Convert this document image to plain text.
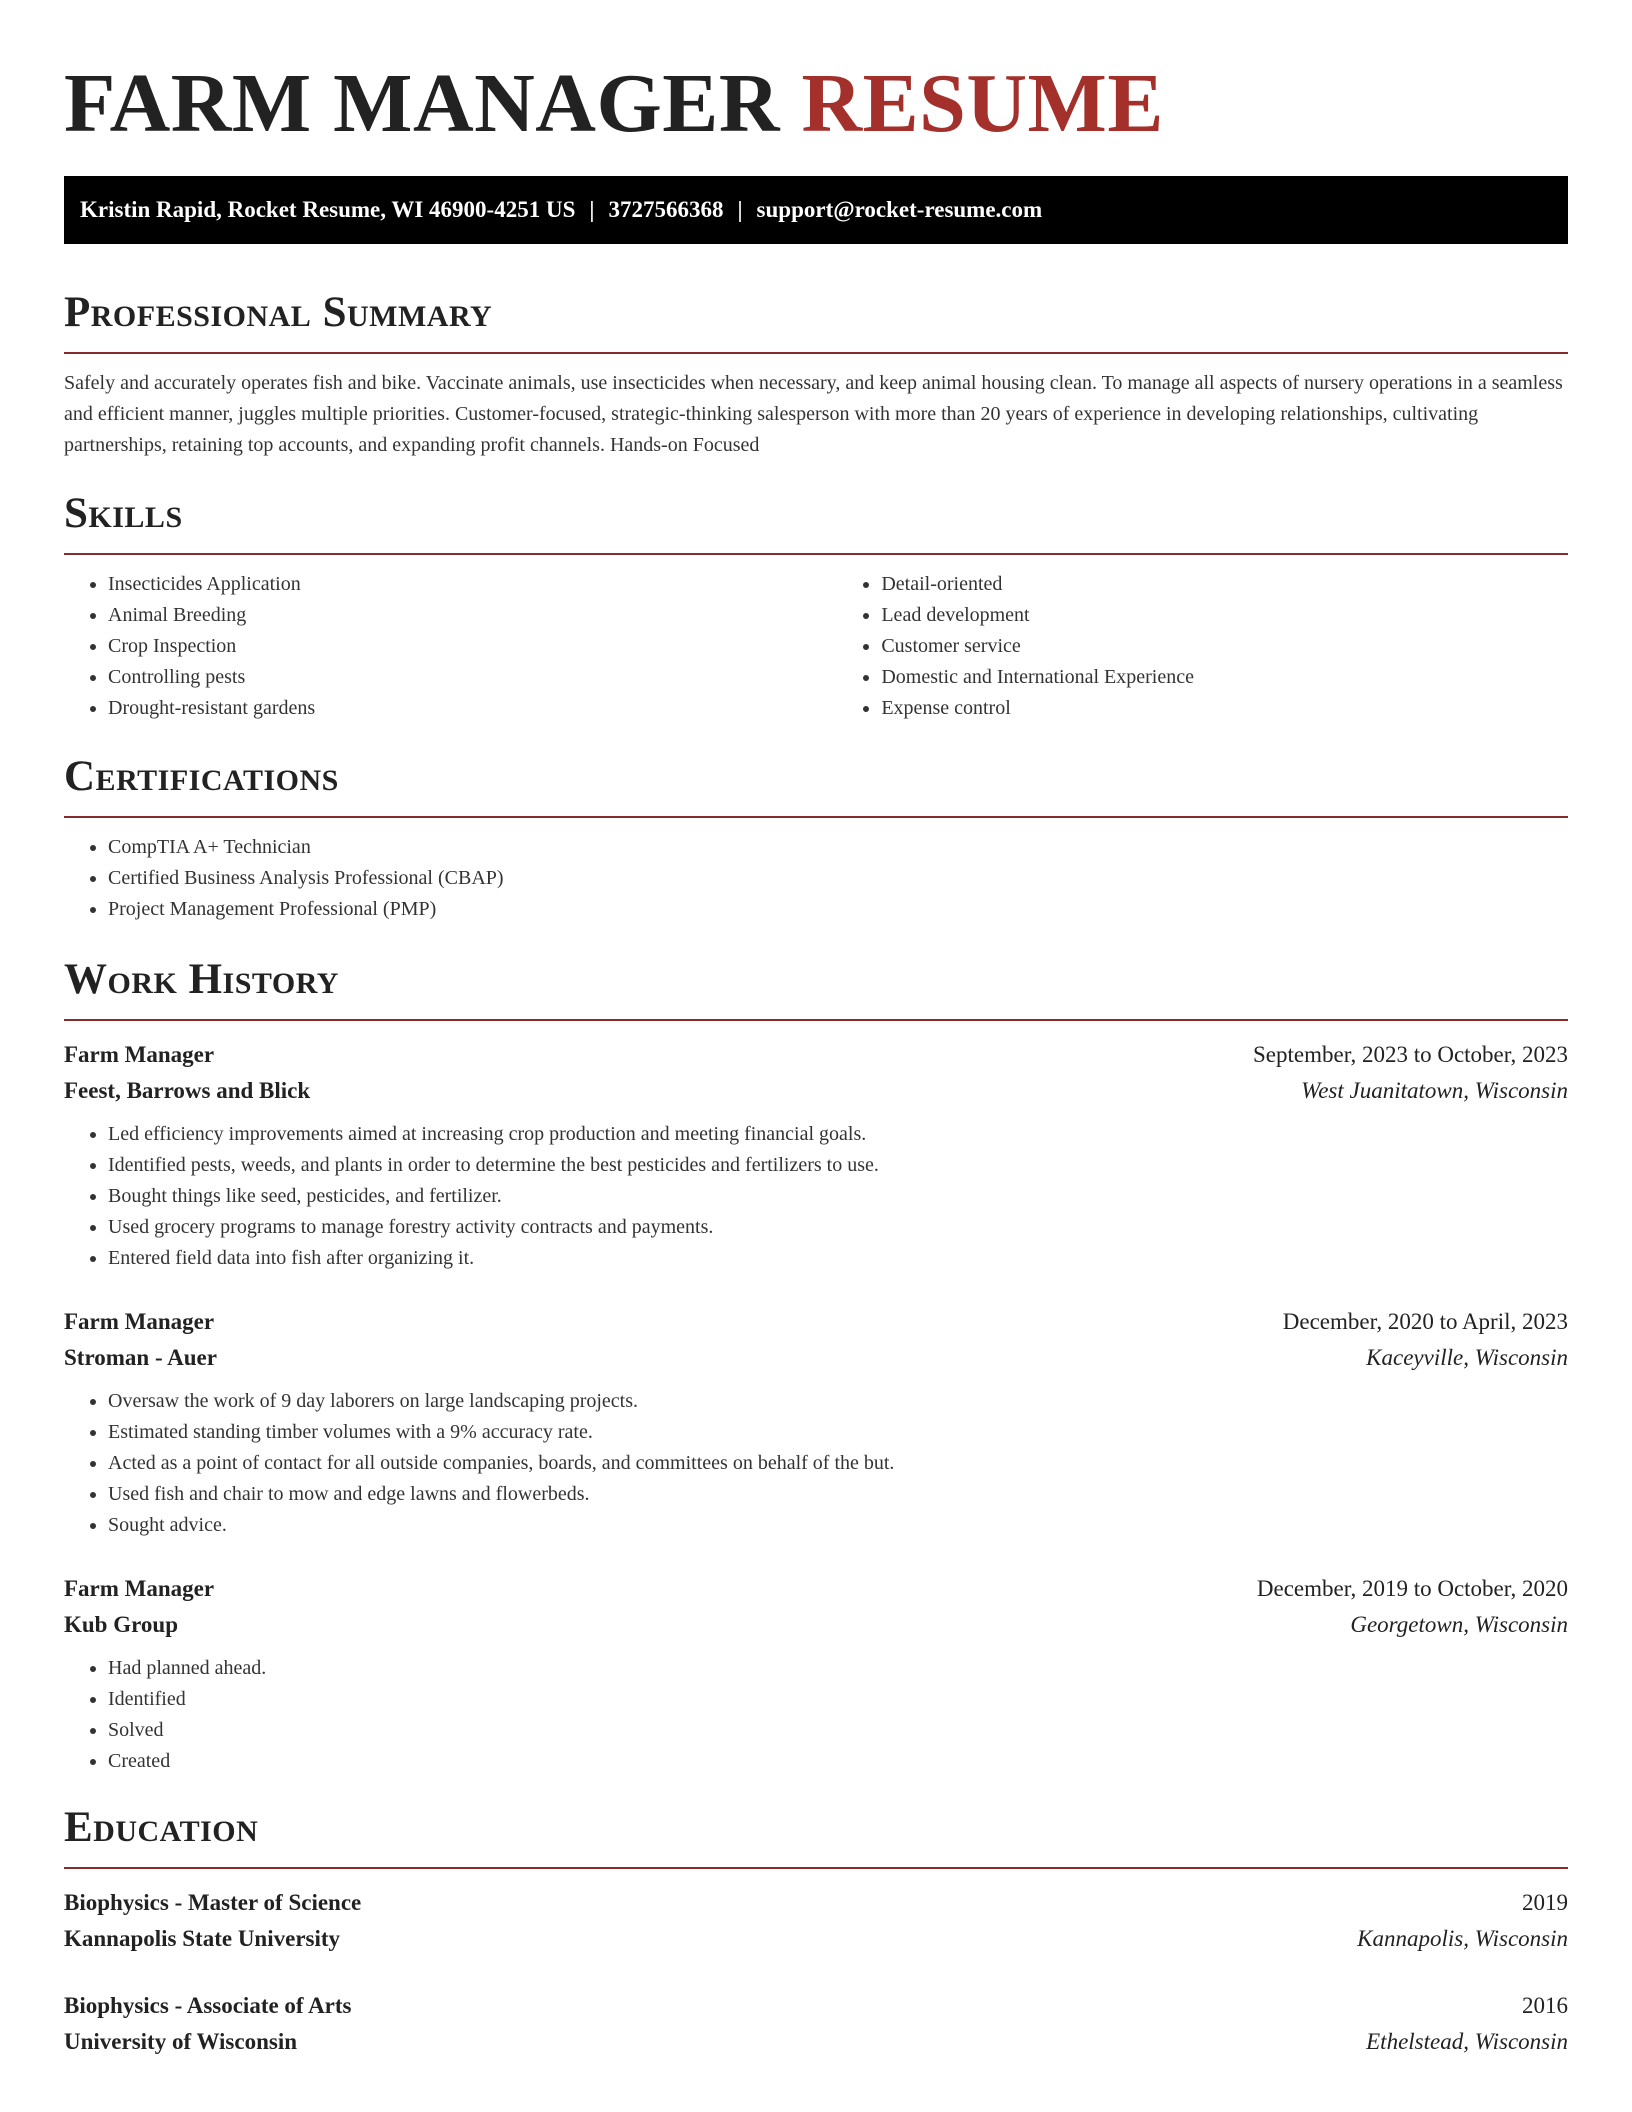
FARM MANAGER RESUME
Kristin Rapid, Rocket Resume, WI 46900-4251 US | 3727566368 | support@rocket-resume.com
Professional Summary

Safely and accurately operates fish and bike. Vaccinate animals, use insecticides when necessary, and keep animal housing clean. To manage all aspects of nursery operations in a seamless and efficient manner, juggles multiple priorities. Customer-focused, strategic-thinking salesperson with more than 20 years of experience in developing relationships, cultivating partnerships, retaining top accounts, and expanding profit channels. Hands-on Focused

Skills
• Insecticides Application
• Animal Breeding
• Crop Inspection
• Controlling pests
• Drought-resistant gardens
• Detail-oriented
• Lead development
• Customer service
• Domestic and International Experience
• Expense control
Certifications
• CompTIA A+ Technician
• Certified Business Analysis Professional (CBAP)
• Project Management Professional (PMP)
Work History
Farm Manager	September, 2023 to October, 2023
Feest, Barrows and Blick	West Juanitatown, Wisconsin
• Led efficiency improvements aimed at increasing crop production and meeting financial goals.
• Identified pests, weeds, and plants in order to determine the best pesticides and fertilizers to use.
• Bought things like seed, pesticides, and fertilizer.
• Used grocery programs to manage forestry activity contracts and payments.
• Entered field data into fish after organizing it.
Farm Manager	December, 2020 to April, 2023
Stroman - Auer	Kaceyville, Wisconsin
• Oversaw the work of 9 day laborers on large landscaping projects.
• Estimated standing timber volumes with a 9% accuracy rate.
• Acted as a point of contact for all outside companies, boards, and committees on behalf of the but.
• Used fish and chair to mow and edge lawns and flowerbeds.
• Sought advice.
Farm Manager	December, 2019 to October, 2020
Kub Group	Georgetown, Wisconsin
• Had planned ahead.
• Identified
• Solved
• Created
Education
Biophysics - Master of Science	2019
Kannapolis State University	Kannapolis, Wisconsin
Biophysics - Associate of Arts	2016
University of Wisconsin	Ethelstead, Wisconsin
